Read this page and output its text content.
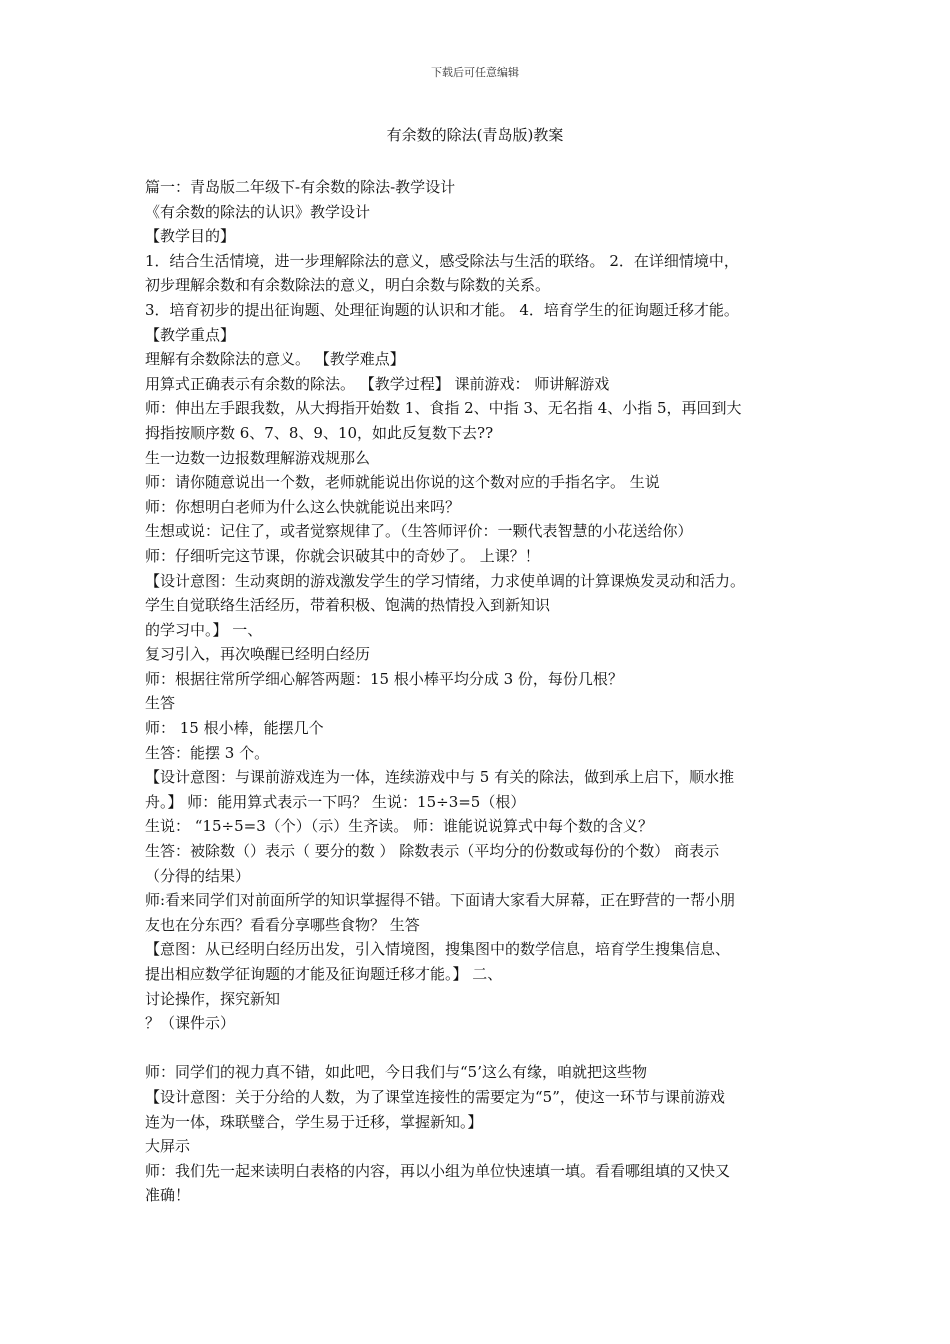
下载后可任意编辑
有余数的除法(青岛版)教案
篇一：青岛版二年级下-有余数的除法-教学设计
《有余数的除法的认识》教学设计
【教学目的】
1．结合生活情境，进一步理解除法的意义，感受除法与生活的联络。 2．在详细情境中，
初步理解余数和有余数除法的意义，明白余数与除数的关系。
3．培育初步的提出征询题、处理征询题的认识和才能。 4．培育学生的征询题迁移才能。
【教学重点】
理解有余数除法的意义。 【教学难点】
用算式正确表示有余数的除法。 【教学过程】 课前游戏： 师讲解游戏
师：伸出左手跟我数，从大拇指开始数 1、食指 2、中指 3、无名指 4、小指 5，再回到大
拇指按顺序数 6、7、8、9、10，如此反复数下去??
生一边数一边报数理解游戏规那么
师：请你随意说出一个数，老师就能说出你说的这个数对应的手指名字。 生说
师：你想明白老师为什么这么快就能说出来吗？
生想或说：记住了，或者觉察规律了。（生答师评价：一颗代表智慧的小花送给你）
师：仔细听完这节课，你就会识破其中的奇妙了。 上课？！
【设计意图：生动爽朗的游戏激发学生的学习情绪，力求使单调的计算课焕发灵动和活力。
学生自觉联络生活经历，带着积极、饱满的热情投入到新知识
的学习中。】 一、
复习引入，再次唤醒已经明白经历
师：根据往常所学细心解答两题：15 根小棒平均分成 3 份，每份几根？
生答
师： 15 根小棒，能摆几个
生答：能摆 3 个。
【设计意图：与课前游戏连为一体，连续游戏中与 5 有关的除法，做到承上启下，顺水推
舟。】 师：能用算式表示一下吗？ 生说：15÷3=5（根）
生说： “15÷5=3（个）（示）生齐读。 师：谁能说说算式中每个数的含义？
生答：被除数（）表示（ 要分的数 ） 除数表示（平均分的份数或每份的个数） 商表示
（分得的结果）
师:看来同学们对前面所学的知识掌握得不错。下面请大家看大屏幕，正在野营的一帮小朋
友也在分东西？看看分享哪些食物？ 生答
【意图：从已经明白经历出发，引入情境图，搜集图中的数学信息，培育学生搜集信息、
提出相应数学征询题的才能及征询题迁移才能。】 二、
讨论操作，探究新知
？（课件示）
师：同学们的视力真不错，如此吧，今日我们与“5’这么有缘，咱就把这些物
【设计意图：关于分给的人数，为了课堂连接性的需要定为“5”，使这一环节与课前游戏
连为一体，珠联璧合，学生易于迁移，掌握新知。】
大屏示
师：我们先一起来读明白表格的内容，再以小组为单位快速填一填。看看哪组填的又快又
准确！
